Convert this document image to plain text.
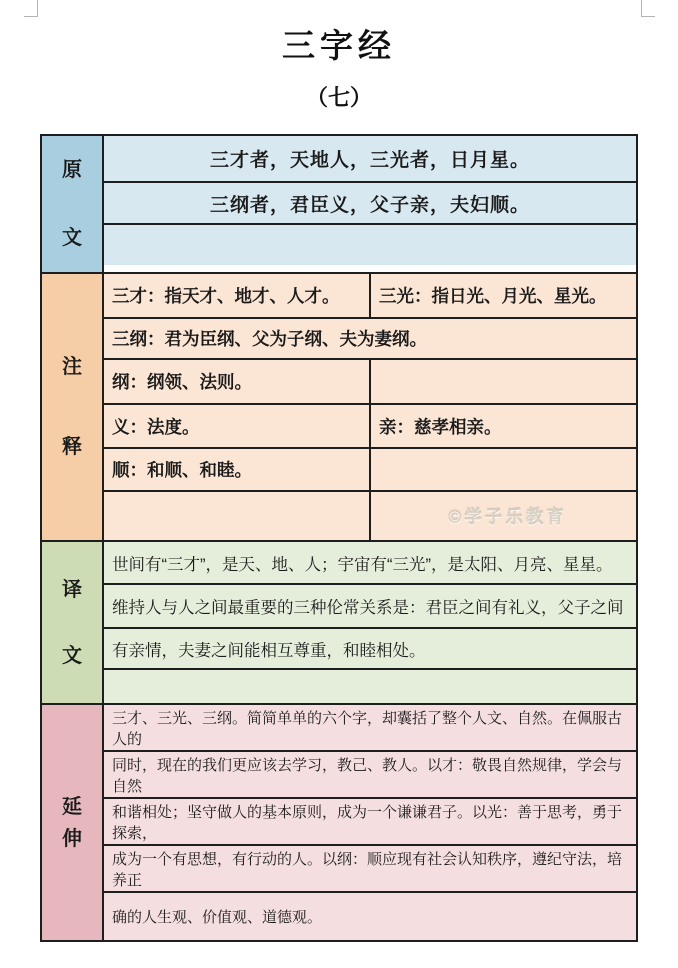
三字经
（七）
原文
三才者，天地人，三光者，日月星。
三纲者，君臣义，父子亲，夫妇顺。
注释
三才：指天才、地才、人才。	三光：指日光、月光、星光。
三纲：君为臣纲、父为子纲、夫为妻纲。
纲：纲领、法则。
义：法度。	亲：慈孝相亲。
顺：和顺、和睦。
©学子乐教育
译文
世间有“三才”，是天、地、人；宇宙有“三光”，是太阳、月亮、星星。
维持人与人之间最重要的三种伦常关系是：君臣之间有礼义，父子之间
有亲情，夫妻之间能相互尊重，和睦相处。
延伸
三才、三光、三纲。简简单单的六个字，却囊括了整个人文、自然。在佩服古人的
同时，现在的我们更应该去学习，教己、教人。以才：敬畏自然规律，学会与自然
和谐相处；坚守做人的基本原则，成为一个谦谦君子。以光：善于思考，勇于探索，
成为一个有思想，有行动的人。以纲：顺应现有社会认知秩序，遵纪守法，培养正
确的人生观、价值观、道德观。
